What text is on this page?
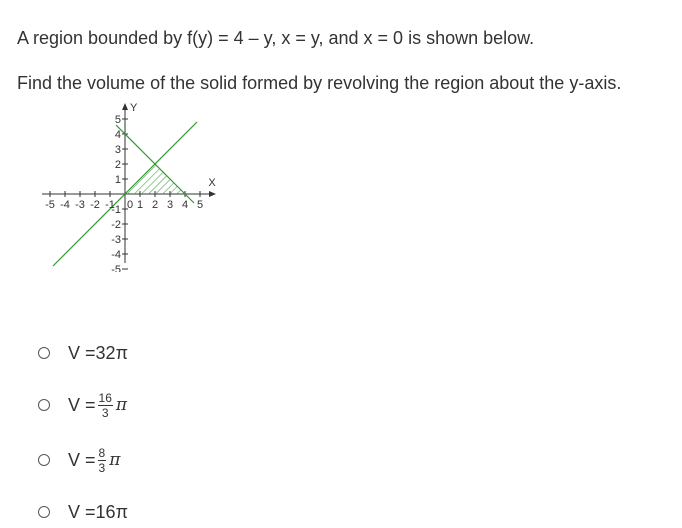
A region bounded by f(y) = 4 – y, x = y, and x = 0 is shown below.

Find the volume of the solid formed by revolving the region about the y-axis.

-5 -4 -3 -2 -1 0 1 2 3 4 5
5
4
3
2
1
-1
-2
-3
-4
-5
X
Y
V = 32 π
$V = \frac{16}{3}$ π
$V = \frac{8}{3}$ π
V = 16 π
